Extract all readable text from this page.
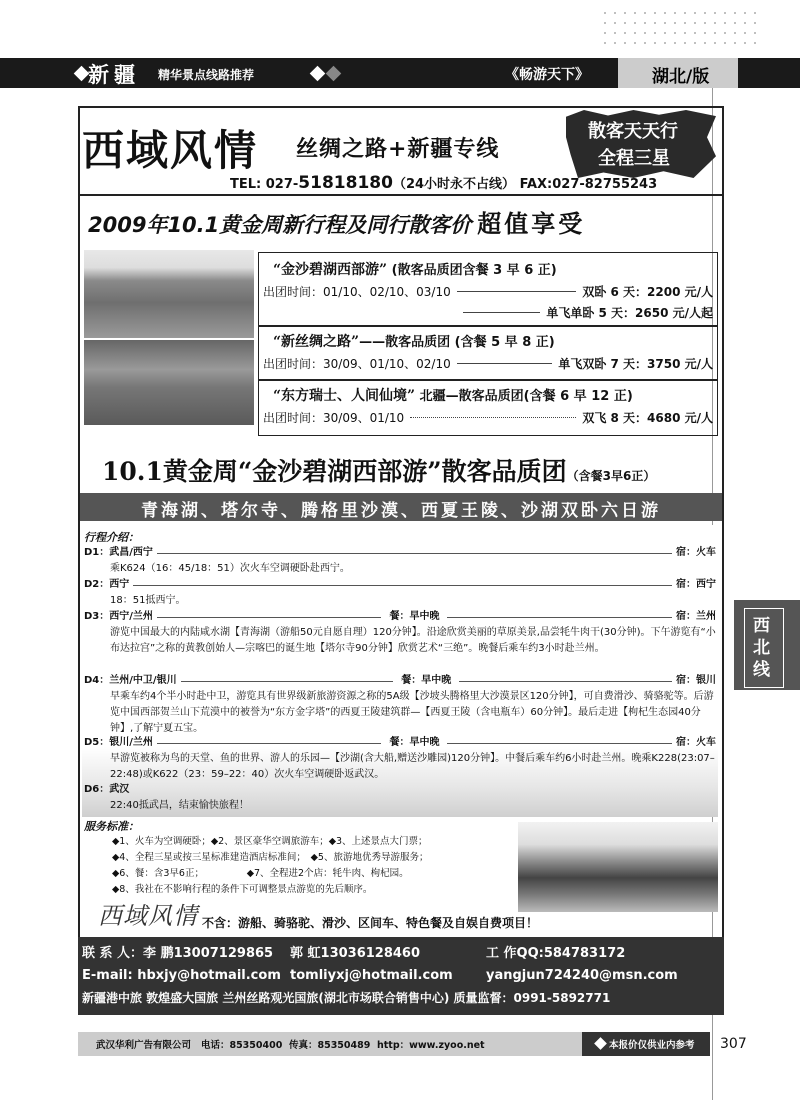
新疆 精华景点线路推荐	《畅游天下》	湖北/版
西域风情 丝绸之路+新疆专线
散客天天行
全程三星
TEL: 027-51818180（24小时永不占线） FAX:027-82755243
2009年10.1黄金周新行程及同行散客价 超值享受
“金沙碧湖西部游” (散客品质团含餐 3 早 6 正)
出团时间：01/10、02/10、03/10	双卧 6 天：2200 元/人
单飞单卧 5 天：2650 元/人起
“新丝绸之路”——散客品质团 (含餐 5 早 8 正)
出团时间：30/09、01/10、02/10	单飞双卧 7 天：3750 元/人
“东方瑞士、人间仙境” 北疆—散客品质团(含餐 6 早 12 正)
出团时间：30/09、01/10	双飞 8 天：4680 元/人
10.1黄金周“金沙碧湖西部游”散客品质团（含餐3早6正）
青海湖、塔尔寺、腾格里沙漠、西夏王陵、沙湖双卧六日游
行程介绍：
D1：武昌/西宁	宿：火车
乘K624（16：45/18：51）次火车空调硬卧赴西宁。
D2：西宁	宿：西宁
18：51抵西宁。
D3：西宁/兰州	餐：早中晚	宿：兰州
游览中国最大的内陆咸水湖【青海湖（游船50元自愿自理）120分钟】。沿途欣赏美丽的草原美景,品尝牦牛肉干(30分钟)。下午游览有“小布达拉宫”之称的黄教创始人—宗喀巴的诞生地【塔尔寺90分钟】欣赏艺术“三绝”。晚餐后乘车约3小时赴兰州。
D4：兰州/中卫/银川	餐：早中晚	宿：银川
早乘车约4个半小时赴中卫，游览具有世界级新旅游资源之称的5A级【沙坡头腾格里大沙漠景区120分钟】，可自费滑沙、骑骆驼等。后游览中国西部贺兰山下荒漠中的被誉为“东方金字塔”的西夏王陵建筑群—【西夏王陵（含电瓶车）60分钟】。最后走进【枸杞生态园40分钟】,了解宁夏五宝。
D5：银川/兰州	餐：早中晚	宿：火车
早游览被称为鸟的天堂、鱼的世界、游人的乐园—【沙湖(含大船,赠送沙雕园)120分钟】。中餐后乘车约6小时赴兰州。晚乘K228(23:07–22:48)或K622（23：59–22：40）次火车空调硬卧返武汉。
D6：武汉
22:40抵武昌，结束愉快旅程！
服务标准：
◆1、火车为空调硬卧；◆2、景区豪华空调旅游车；◆3、上述景点大门票；
◆4、全程三星或按三星标准建造酒店标准间；　◆5、旅游地优秀导游服务；
◆6、餐：含3早6正；　　　　　◆7、全程进2个店：牦牛肉、枸杞园。
◆8、我社在不影响行程的条件下可调整景点游览的先后顺序。
西域风情 不含：游船、骑骆驼、滑沙、区间车、特色餐及自娱自费项目！
联 系 人：李 鹏13007129865 郭 虹13036128460	工 作QQ:584783172
E-mail: hbxjy@hotmail.com tomliyxj@hotmail.com	yangjun724240@msn.com
新疆港中旅 敦煌盛大国旅 兰州丝路观光国旅(湖北市场联合销售中心) 质量监督：0991-5892771
西北线
武汉华利广告有限公司 电话：85350400 传真：85350489 http：www.zyoo.net	本报价仅供业内参考	307
